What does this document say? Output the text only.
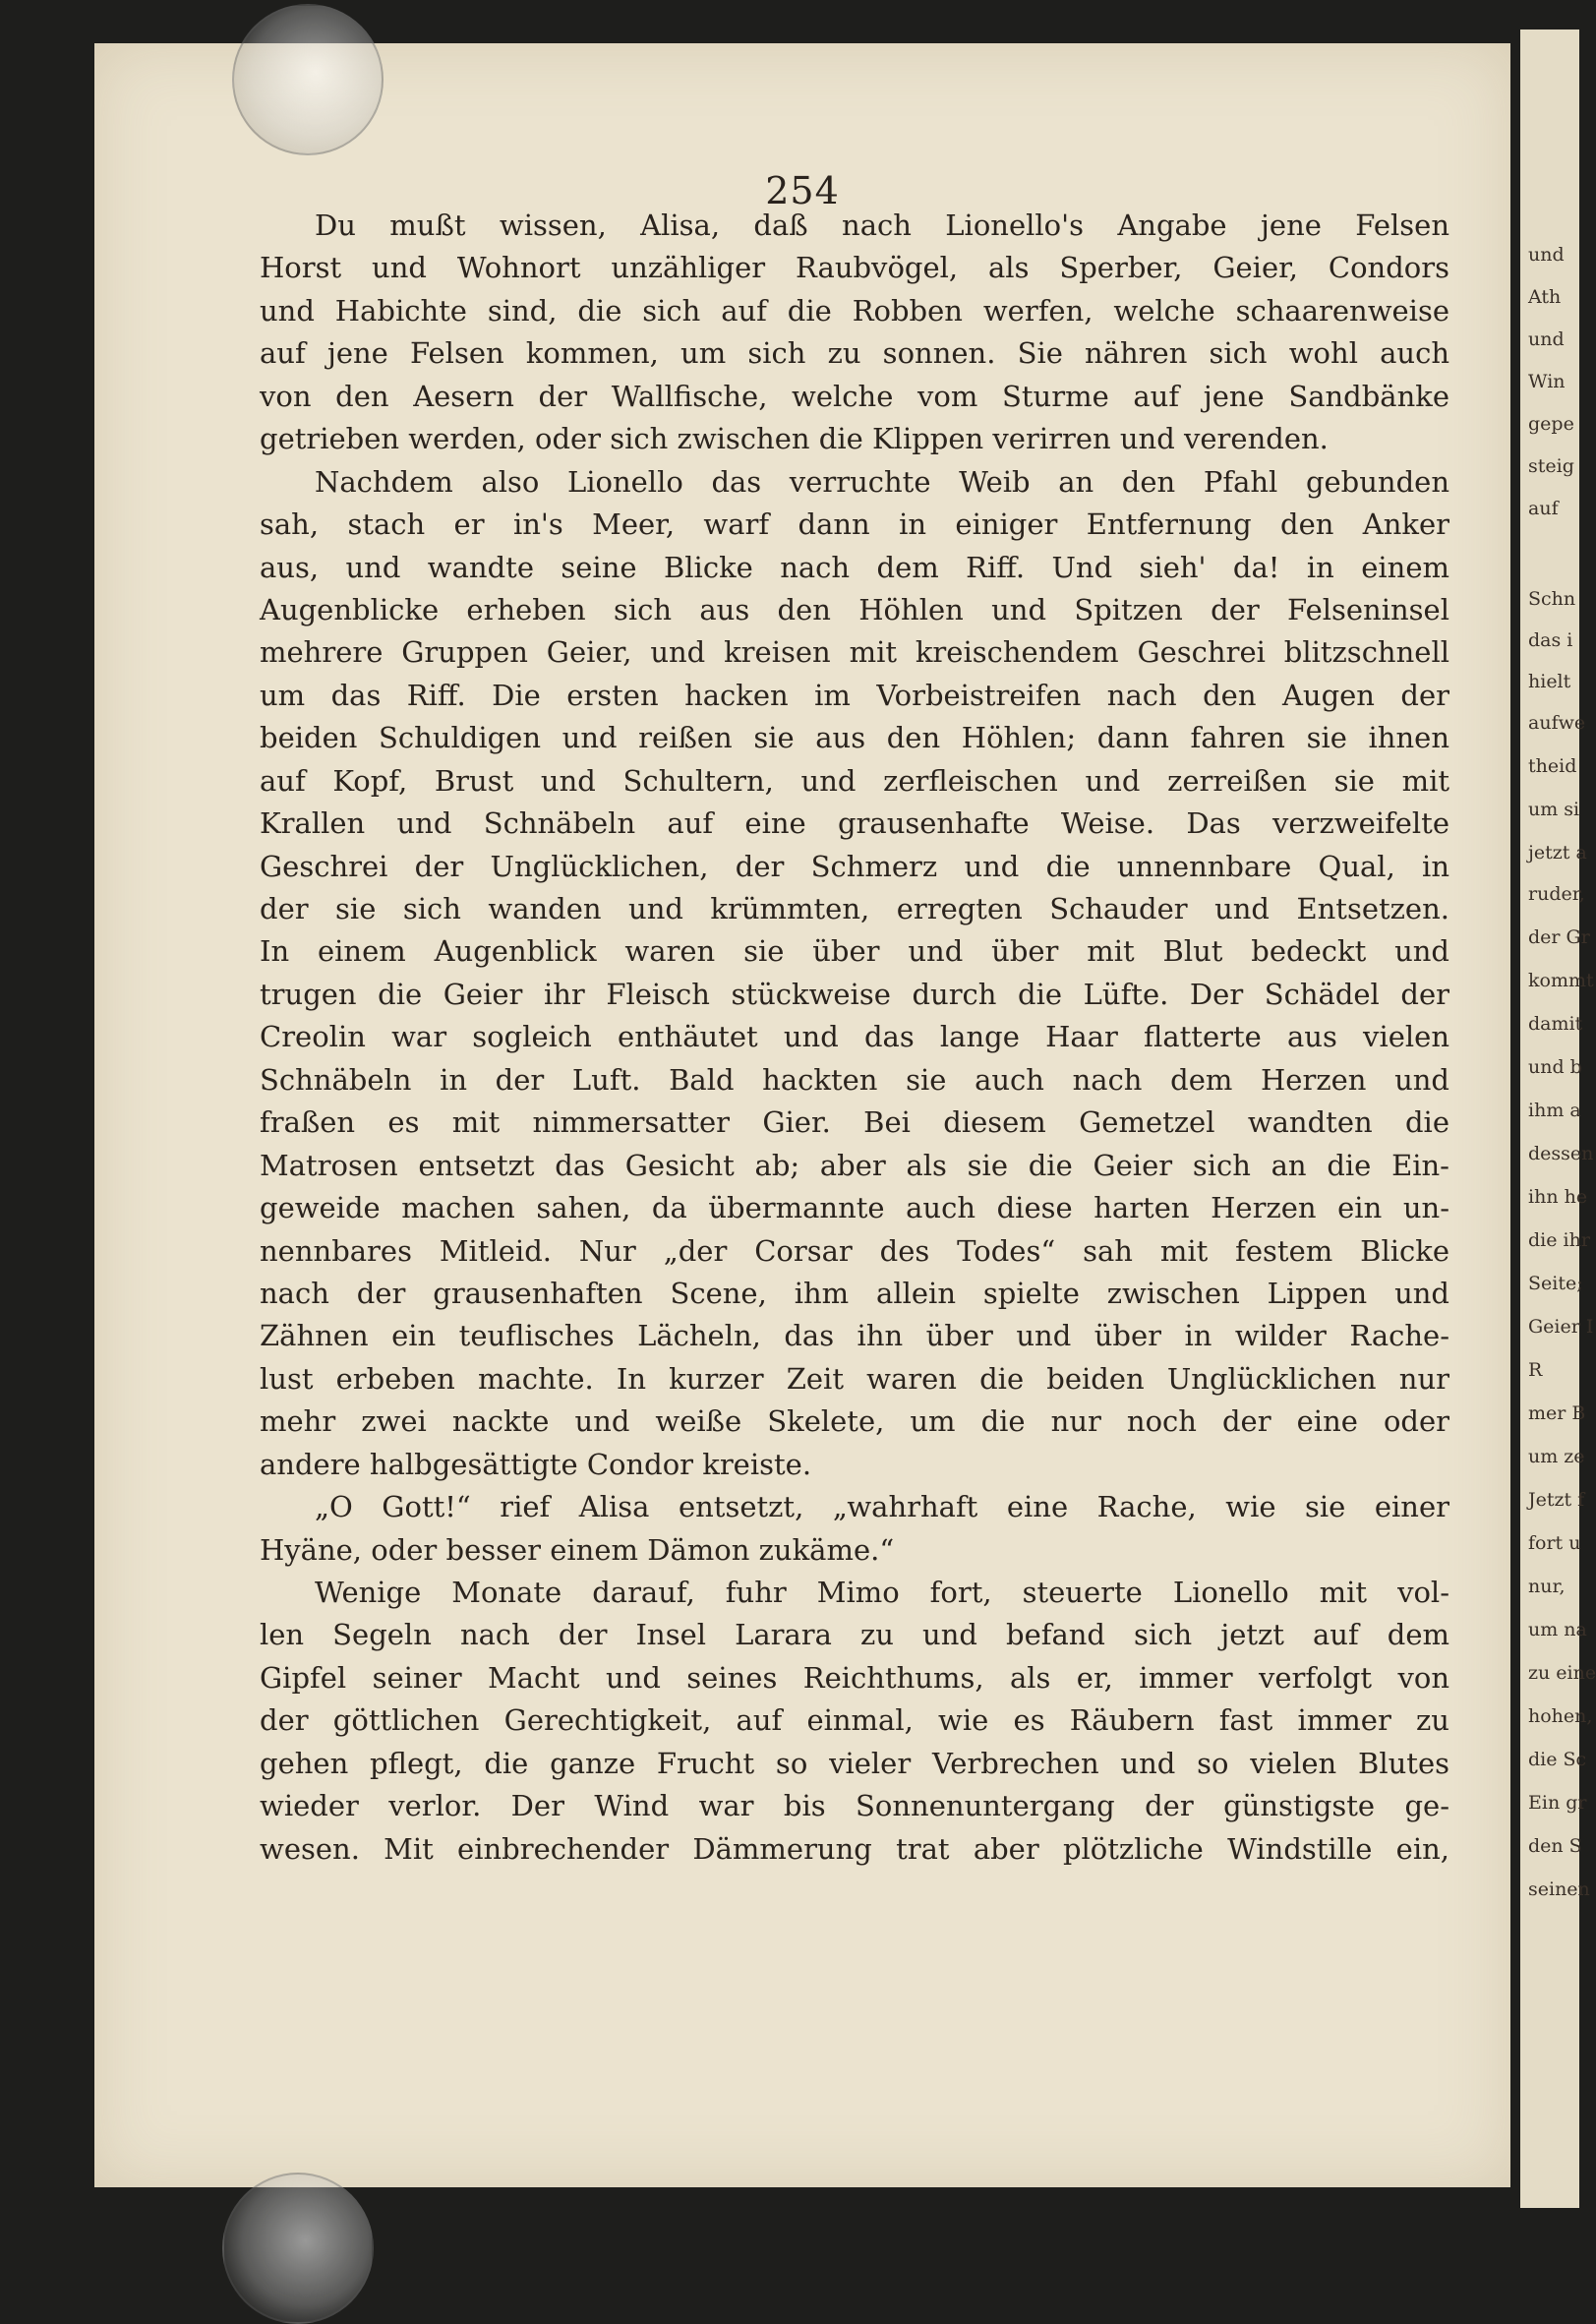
254
Du mußt wissen, Alisa, daß nach Lionello's Angabe jene Felsen
Horst und Wohnort unzähliger Raubvögel, als Sperber, Geier, Condors
und Habichte sind, die sich auf die Robben werfen, welche schaarenweise
auf jene Felsen kommen, um sich zu sonnen. Sie nähren sich wohl auch
von den Aesern der Wallfische, welche vom Sturme auf jene Sandbänke
getrieben werden, oder sich zwischen die Klippen verirren und verenden.
Nachdem also Lionello das verruchte Weib an den Pfahl gebunden
sah, stach er in's Meer, warf dann in einiger Entfernung den Anker
aus, und wandte seine Blicke nach dem Riff. Und sieh' da! in einem
Augenblicke erheben sich aus den Höhlen und Spitzen der Felseninsel
mehrere Gruppen Geier, und kreisen mit kreischendem Geschrei blitzschnell
um das Riff. Die ersten hacken im Vorbeistreifen nach den Augen der
beiden Schuldigen und reißen sie aus den Höhlen; dann fahren sie ihnen
auf Kopf, Brust und Schultern, und zerfleischen und zerreißen sie mit
Krallen und Schnäbeln auf eine grausenhafte Weise. Das verzweifelte
Geschrei der Unglücklichen, der Schmerz und die unnennbare Qual, in
der sie sich wanden und krümmten, erregten Schauder und Entsetzen.
In einem Augenblick waren sie über und über mit Blut bedeckt und
trugen die Geier ihr Fleisch stückweise durch die Lüfte. Der Schädel der
Creolin war sogleich enthäutet und das lange Haar flatterte aus vielen
Schnäbeln in der Luft. Bald hackten sie auch nach dem Herzen und
fraßen es mit nimmersatter Gier. Bei diesem Gemetzel wandten die
Matrosen entsetzt das Gesicht ab; aber als sie die Geier sich an die Ein-
geweide machen sahen, da übermannte auch diese harten Herzen ein un-
nennbares Mitleid. Nur „der Corsar des Todes“ sah mit festem Blicke
nach der grausenhaften Scene, ihm allein spielte zwischen Lippen und
Zähnen ein teuflisches Lächeln, das ihn über und über in wilder Rache-
lust erbeben machte. In kurzer Zeit waren die beiden Unglücklichen nur
mehr zwei nackte und weiße Skelete, um die nur noch der eine oder
andere halbgesättigte Condor kreiste.
„O Gott!“ rief Alisa entsetzt, „wahrhaft eine Rache, wie sie einer
Hyäne, oder besser einem Dämon zukäme.“
Wenige Monate darauf, fuhr Mimo fort, steuerte Lionello mit vol-
len Segeln nach der Insel Larara zu und befand sich jetzt auf dem
Gipfel seiner Macht und seines Reichthums, als er, immer verfolgt von
der göttlichen Gerechtigkeit, auf einmal, wie es Räubern fast immer zu
gehen pflegt, die ganze Frucht so vieler Verbrechen und so vielen Blutes
wieder verlor. Der Wind war bis Sonnenuntergang der günstigste ge-
wesen. Mit einbrechender Dämmerung trat aber plötzliche Windstille ein,
und
Ath
und
Win
gepe
steig
auf
Schn
das i
hielt
aufwe
theid
um si
jetzt a
ruder,
der Gr
kommt
damit
und b
ihm a
dessen
ihn he
die ihr
Seite;
Geier I
R
mer B
um ze
Jetzt f
fort u
nur,
um na
zu eine
hohen,
die Sc
Ein gr
den S
seinen
